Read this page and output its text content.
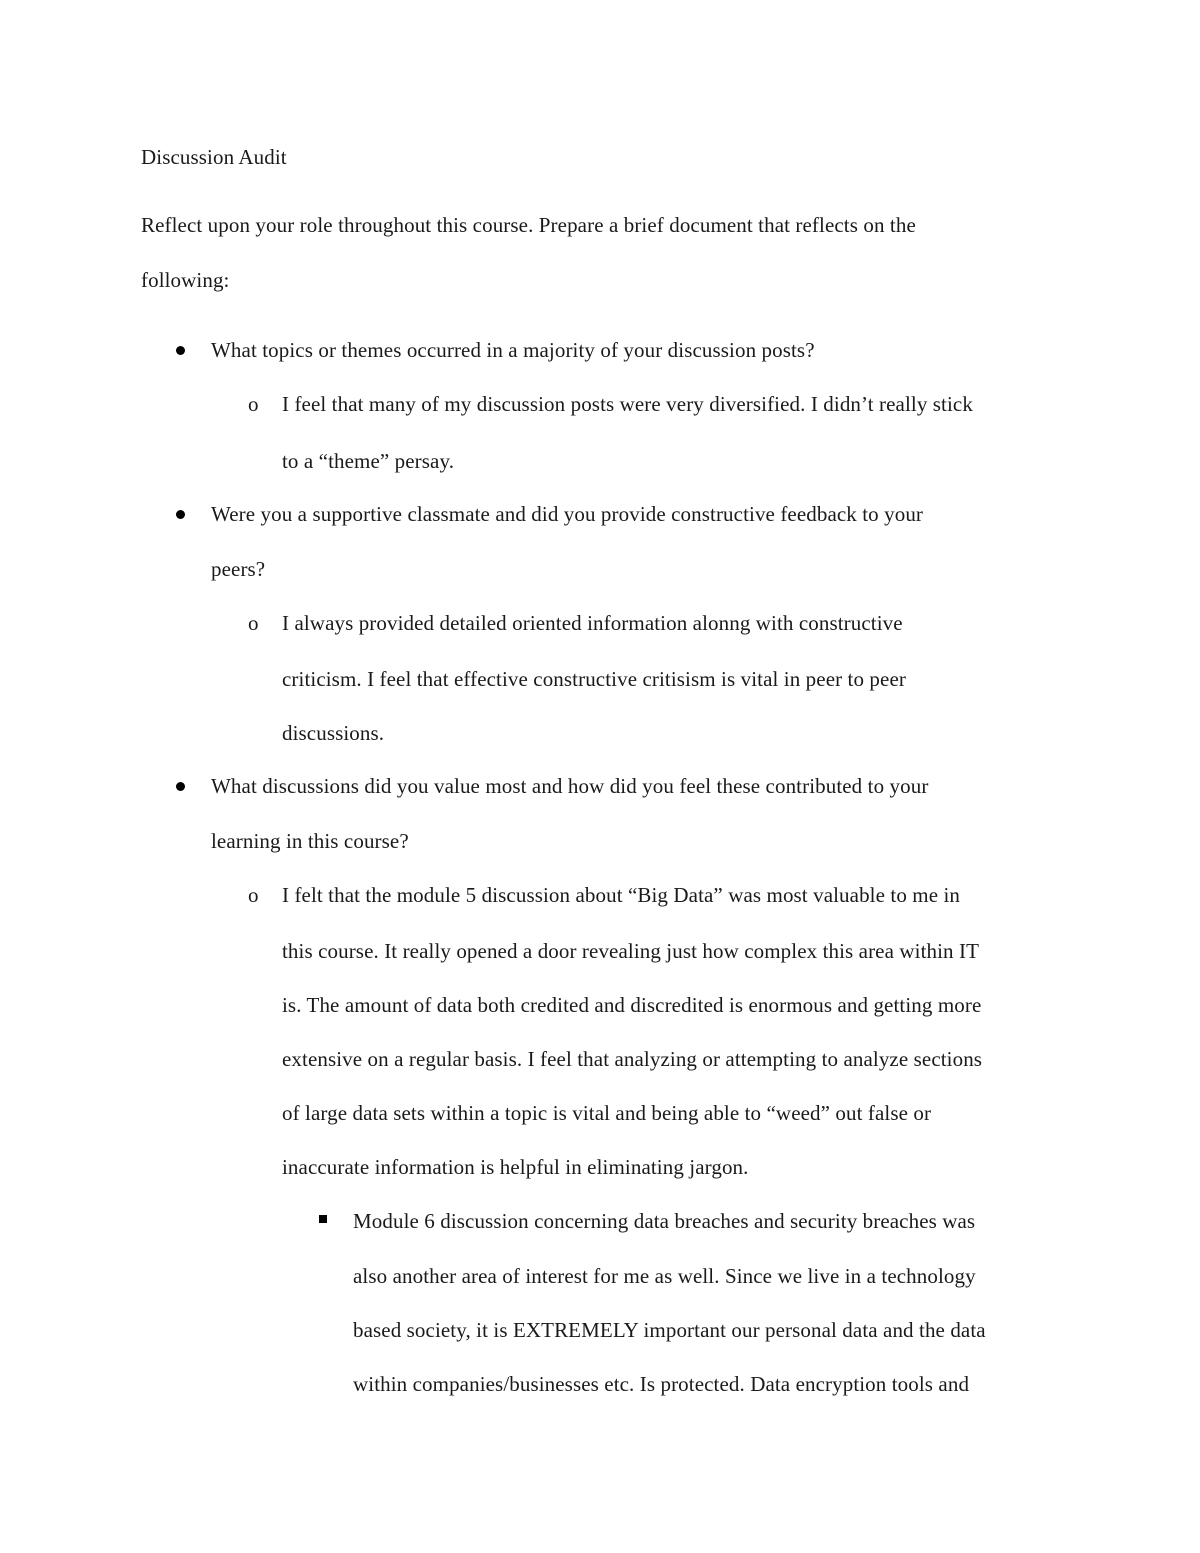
Discussion Audit
Reflect upon your role throughout this course. Prepare a brief document that reflects on the
following:
What topics or themes occurred in a majority of your discussion posts?
o I feel that many of my discussion posts were very diversified. I didn’t really stick
to a “theme” persay.
Were you a supportive classmate and did you provide constructive feedback to your
peers?
o I always provided detailed oriented information alonng with constructive
criticism. I feel that effective constructive critisism is vital in peer to peer
discussions.
What discussions did you value most and how did you feel these contributed to your
learning in this course?
o I felt that the module 5 discussion about “Big Data” was most valuable to me in
this course. It really opened a door revealing just how complex this area within IT
is. The amount of data both credited and discredited is enormous and getting more
extensive on a regular basis. I feel that analyzing or attempting to analyze sections
of large data sets within a topic is vital and being able to “weed” out false or
inaccurate information is helpful in eliminating jargon.
Module 6 discussion concerning data breaches and security breaches was
also another area of interest for me as well. Since we live in a technology
based society, it is EXTREMELY important our personal data and the data
within companies/businesses etc. Is protected. Data encryption tools and
